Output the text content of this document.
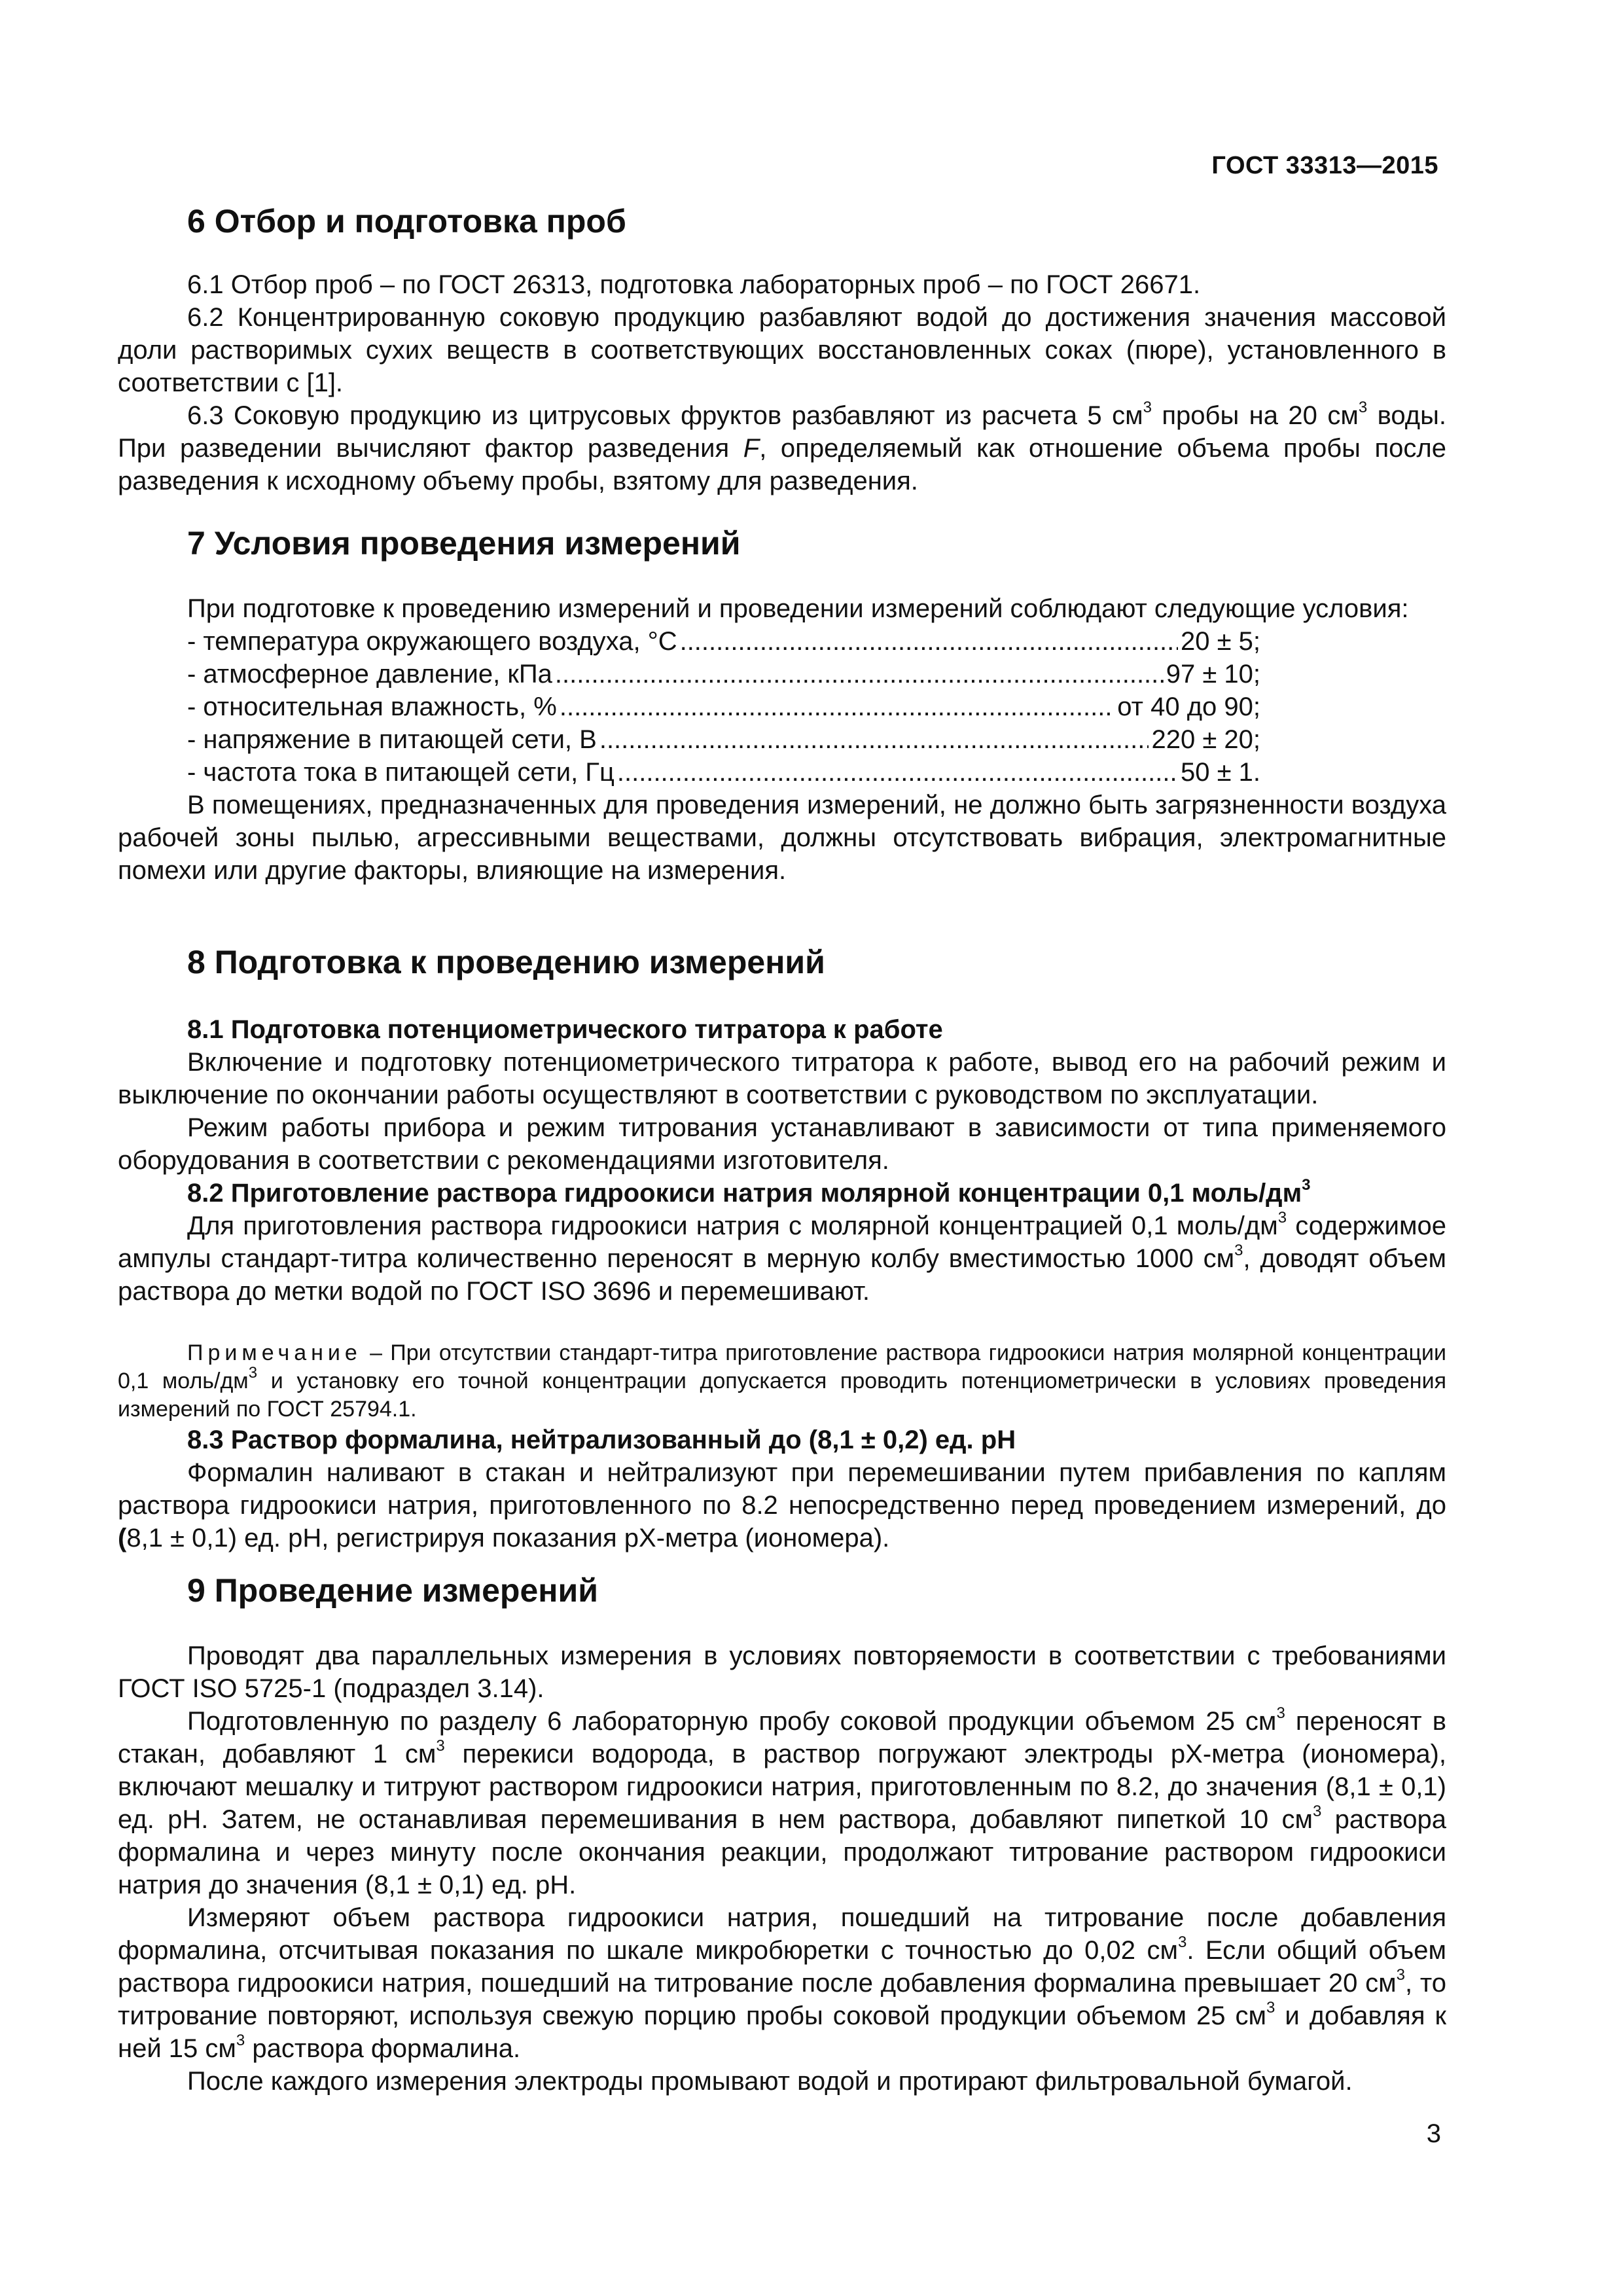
ГОСТ 33313—2015
6 Отбор и подготовка проб

6.1 Отбор проб – по ГОСТ 26313, подготовка лабораторных проб – по ГОСТ 26671.

6.2 Концентрированную соковую продукцию разбавляют водой до достижения значения массовой доли растворимых сухих веществ в соответствующих восстановленных соках (пюре), установленного в соответствии с [1].

6.3 Соковую продукцию из цитрусовых фруктов разбавляют из расчета 5 $см^3$ пробы на 20 $см^3$ воды. При разведении вычисляют фактор разведения F, определяемый как отношение объема пробы после разведения к исходному объему пробы, взятому для разведения.

7 Условия проведения измерений

При подготовке к проведению измерений и проведении измерений соблюдают следующие условия:

- температура окружающего воздуха, °С .....	20 ± 5;
- атмосферное давление, кПа .....	97 ± 10;
- относительная влажность, % .....	от 40 до 90;
- напряжение в питающей сети, В .....	220 ± 20;
- частота тока в питающей сети, Гц .....	50 ± 1.

В помещениях, предназначенных для проведения измерений, не должно быть загрязненности воздуха рабочей зоны пылью, агрессивными веществами, должны отсутствовать вибрация, электромагнитные помехи или другие факторы, влияющие на измерения.

8 Подготовка к проведению измерений

8.1 Подготовка потенциометрического титратора к работе

Включение и подготовку потенциометрического титратора к работе, вывод его на рабочий режим и выключение по окончании работы осуществляют в соответствии с руководством по эксплуатации.

Режим работы прибора и режим титрования устанавливают в зависимости от типа применяемого оборудования в соответствии с рекомендациями изготовителя.

8.2 Приготовление раствора гидроокиси натрия молярной концентрации 0,1 моль/$дм^3$

Для приготовления раствора гидроокиси натрия с молярной концентрацией 0,1 моль/$дм^3$ содержимое ампулы стандарт-титра количественно переносят в мерную колбу вместимостью 1000 $см^3$, доводят объем раствора до метки водой по ГОСТ ISO 3696 и перемешивают.

Примечание – При отсутствии стандарт-титра приготовление раствора гидроокиси натрия молярной концентрации 0,1 моль/$дм^3$ и установку его точной концентрации допускается проводить потенциометрически в условиях проведения измерений по ГОСТ 25794.1.

8.3 Раствор формалина, нейтрализованный до (8,1 ± 0,2) ед. pH

Формалин наливают в стакан и нейтрализуют при перемешивании путем прибавления по каплям раствора гидроокиси натрия, приготовленного по 8.2 непосредственно перед проведением измерений, до (8,1 ± 0,1) ед. pH, регистрируя показания pX-метра (иономера).

9 Проведение измерений

Проводят два параллельных измерения в условиях повторяемости в соответствии с требованиями ГОСТ ISO 5725-1 (подраздел 3.14).

Подготовленную по разделу 6 лабораторную пробу соковой продукции объемом 25 $см^3$ переносят в стакан, добавляют 1 $см^3$ перекиси водорода, в раствор погружают электроды pX-метра (иономера), включают мешалку и титруют раствором гидроокиси натрия, приготовленным по 8.2, до значения (8,1 ± 0,1) ед. pH. Затем, не останавливая перемешивания в нем раствора, добавляют пипеткой 10 $см^3$ раствора формалина и через минуту после окончания реакции, продолжают титрование раствором гидроокиси натрия до значения (8,1 ± 0,1) ед. pH.

Измеряют объем раствора гидроокиси натрия, пошедший на титрование после добавления формалина, отсчитывая показания по шкале микробюретки с точностью до 0,02 $см^3$. Если общий объем раствора гидроокиси натрия, пошедший на титрование после добавления формалина превышает 20 $см^3$, то титрование повторяют, используя свежую порцию пробы соковой продукции объемом 25 $см^3$ и добавляя к ней 15 $см^3$ раствора формалина.

После каждого измерения электроды промывают водой и протирают фильтровальной бумагой.

3
